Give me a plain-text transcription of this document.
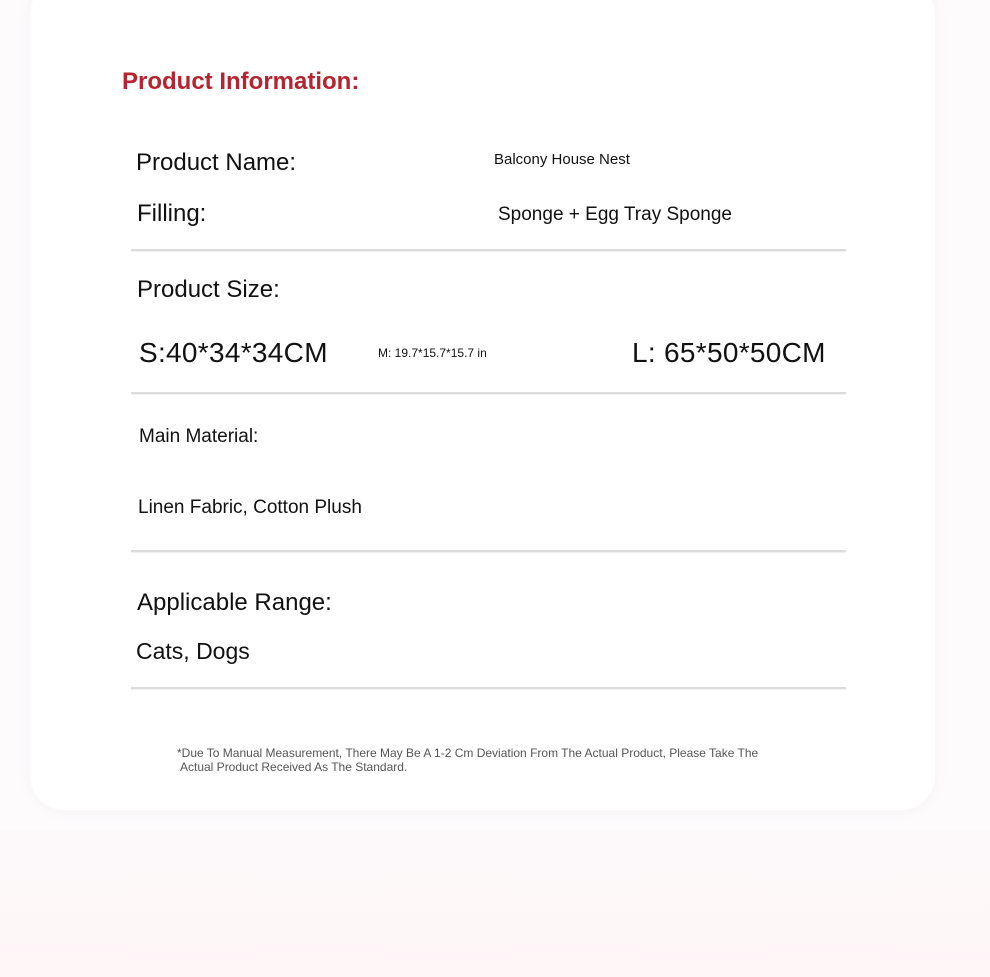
Product Information:
Product Name:	Balcony House Nest
Filling:	Sponge + Egg Tray Sponge
Product Size:
S:40*34*34CM	M: 19.7*15.7*15.7 in	L: 65*50*50CM
Main Material:
Linen Fabric, Cotton Plush
Applicable Range:
Cats, Dogs
*Due To Manual Measurement, There May Be A 1-2 Cm Deviation From The Actual Product, Please Take The
Actual Product Received As The Standard.
